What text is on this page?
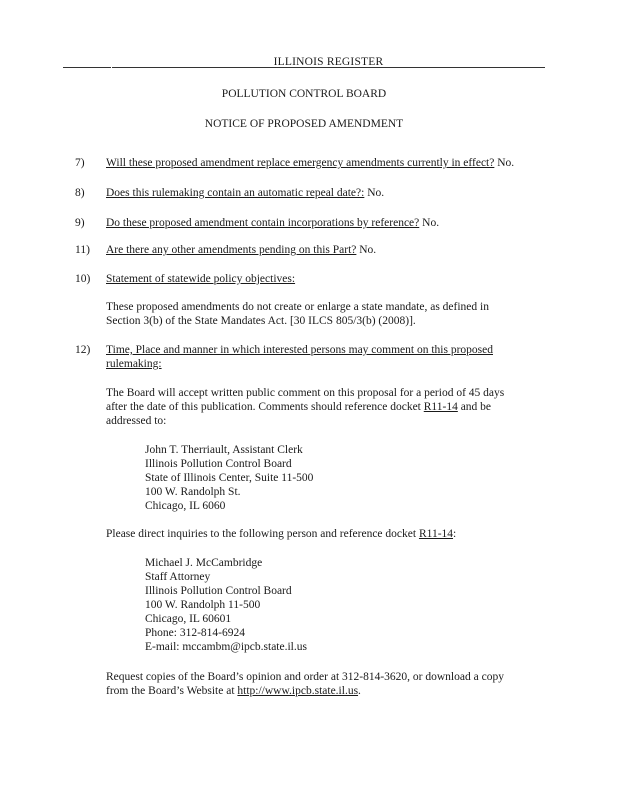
ILLINOIS REGISTER
POLLUTION CONTROL BOARD
NOTICE OF PROPOSED AMENDMENT
7) Will these proposed amendment replace emergency amendments currently in effect? No.
8) Does this rulemaking contain an automatic repeal date?: No.
9) Do these proposed amendment contain incorporations by reference? No.
11) Are there any other amendments pending on this Part? No.
10) Statement of statewide policy objectives:
These proposed amendments do not create or enlarge a state mandate, as defined in
Section 3(b) of the State Mandates Act. [30 ILCS 805/3(b) (2008)].
12) Time, Place and manner in which interested persons may comment on this proposed
rulemaking:
The Board will accept written public comment on this proposal for a period of 45 days
after the date of this publication. Comments should reference docket R11-14 and be
addressed to:
John T. Therriault, Assistant Clerk
Illinois Pollution Control Board
State of Illinois Center, Suite 11-500
100 W. Randolph St.
Chicago, IL 6060
Please direct inquiries to the following person and reference docket R11-14:
Michael J. McCambridge
Staff Attorney
Illinois Pollution Control Board
100 W. Randolph 11-500
Chicago, IL 60601
Phone: 312-814-6924
E-mail: mccambm@ipcb.state.il.us
Request copies of the Board’s opinion and order at 312-814-3620, or download a copy
from the Board’s Website at http://www.ipcb.state.il.us.
